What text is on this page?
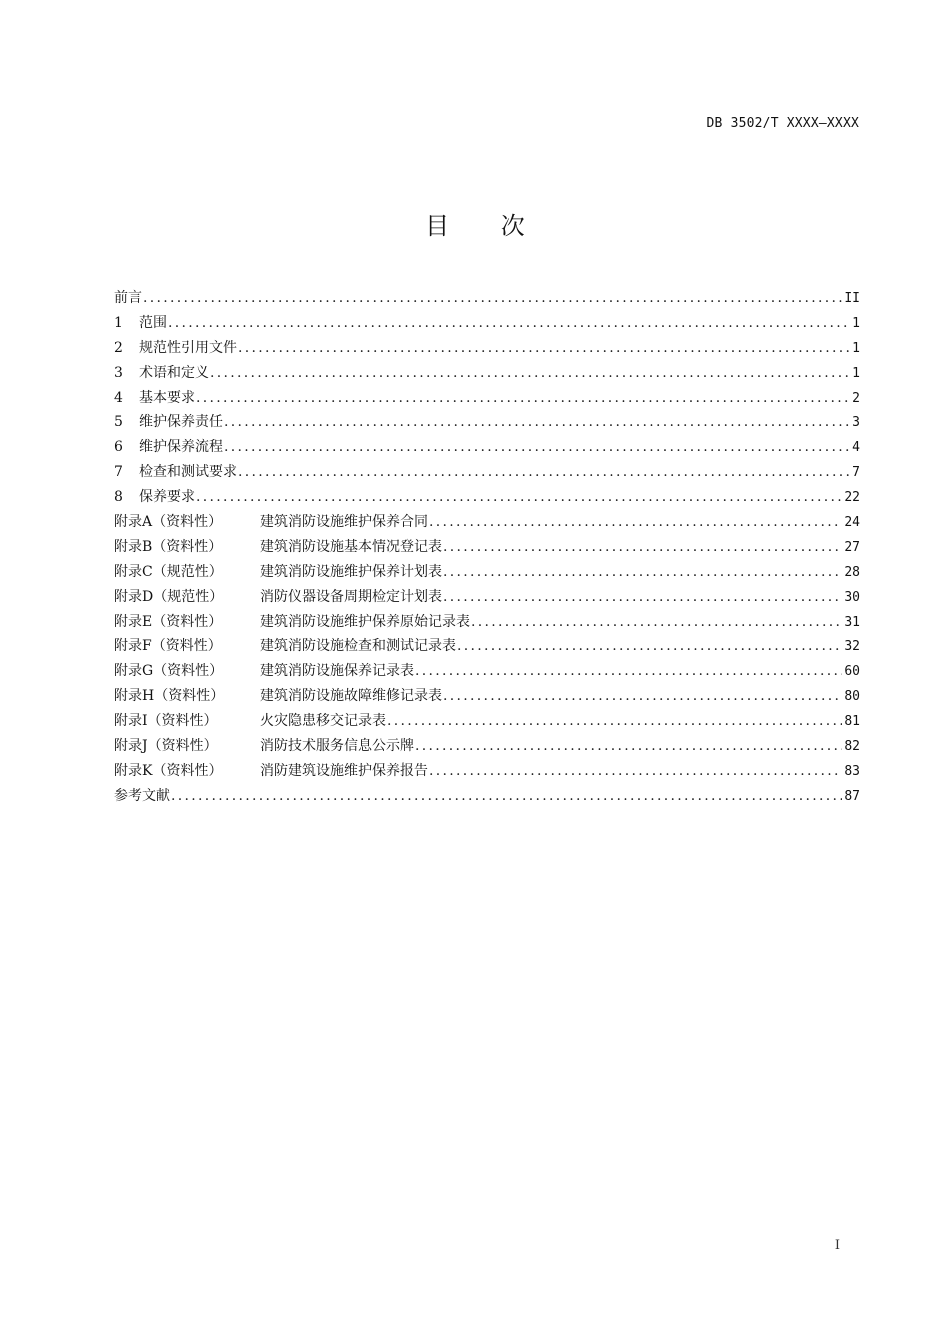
DB 3502/T XXXX—XXXX
目 次
前言 .....	II
1	范围 .....	1
2	规范性引用文件 .....	1
3	术语和定义 .....	1
4	基本要求 .....	2
5	维护保养责任 .....	3
6	维护保养流程 .....	4
7	检查和测试要求 .....	7
8	保养要求 .....	22
附录A（资料性）	建筑消防设施维护保养合同 .....	24
附录B（资料性）	建筑消防设施基本情况登记表 .....	27
附录C（规范性）	建筑消防设施维护保养计划表 .....	28
附录D（规范性）	消防仪器设备周期检定计划表 .....	30
附录E（资料性）	建筑消防设施维护保养原始记录表 .....	31
附录F（资料性）	建筑消防设施检查和测试记录表 .....	32
附录G（资料性）	建筑消防设施保养记录表 .....	60
附录H（资料性）	建筑消防设施故障维修记录表 .....	80
附录I（资料性）	火灾隐患移交记录表 .....	81
附录J（资料性）	消防技术服务信息公示牌 .....	82
附录K（资料性）	消防建筑设施维护保养报告 .....	83
参考文献 .....	87
I
